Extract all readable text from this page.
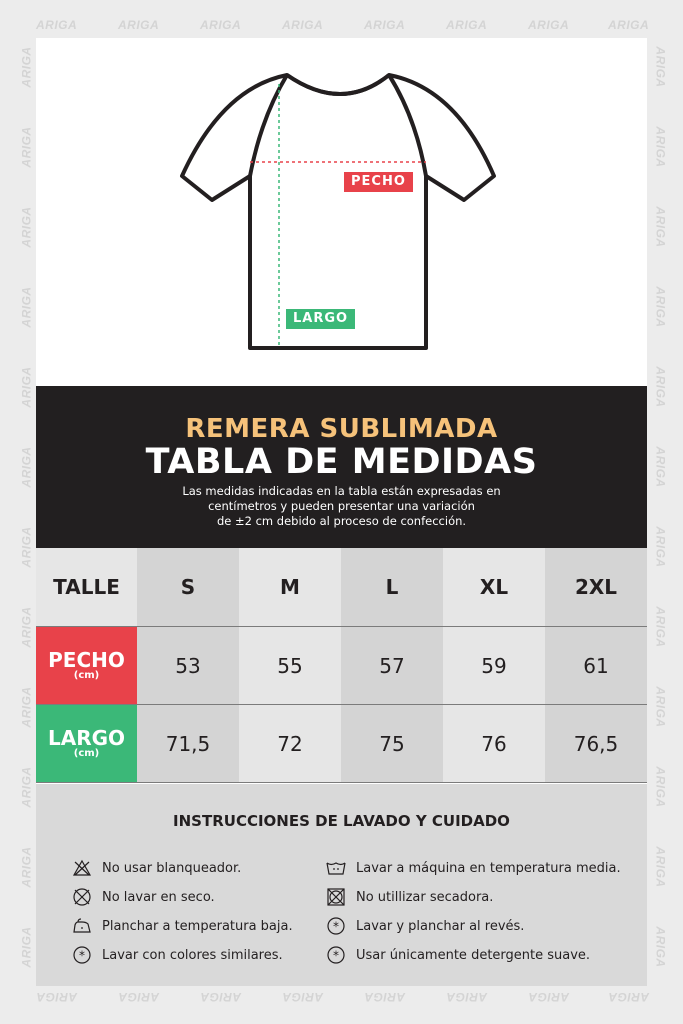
ARIGA	ARIGA	ARIGA	ARIGA	ARIGA	ARIGA	ARIGA	ARIGA
ARIGA	ARIGA	ARIGA	ARIGA	ARIGA	ARIGA	ARIGA	ARIGA
ARIGA
ARIGA
ARIGA
ARIGA
ARIGA
ARIGA
ARIGA
ARIGA
ARIGA
ARIGA
ARIGA
ARIGA
ARIGA
ARIGA
ARIGA
ARIGA
ARIGA
ARIGA
ARIGA
ARIGA
ARIGA
ARIGA
ARIGA
ARIGA
PECHO
LARGO
REMERA SUBLIMADA
TABLA DE MEDIDAS
Las medidas indicadas en la tabla están expresadas en
centímetros y pueden presentar una variación
de ±2 cm debido al proceso de confección.
TALLE	S	M	L	XL	2XL

PECHO
(cm)	53	55	57	59	61

LARGO
(cm)	71,5	72	75	76	76,5
INSTRUCCIONES DE LAVADO Y CUIDADO
No usar blanqueador.	Lavar a máquina en temperatura media.
No lavar en seco.	No utillizar secadora.
Planchar a temperatura baja.	* Lavar y planchar al revés.
* Lavar con colores similares.	* Usar únicamente detergente suave.
